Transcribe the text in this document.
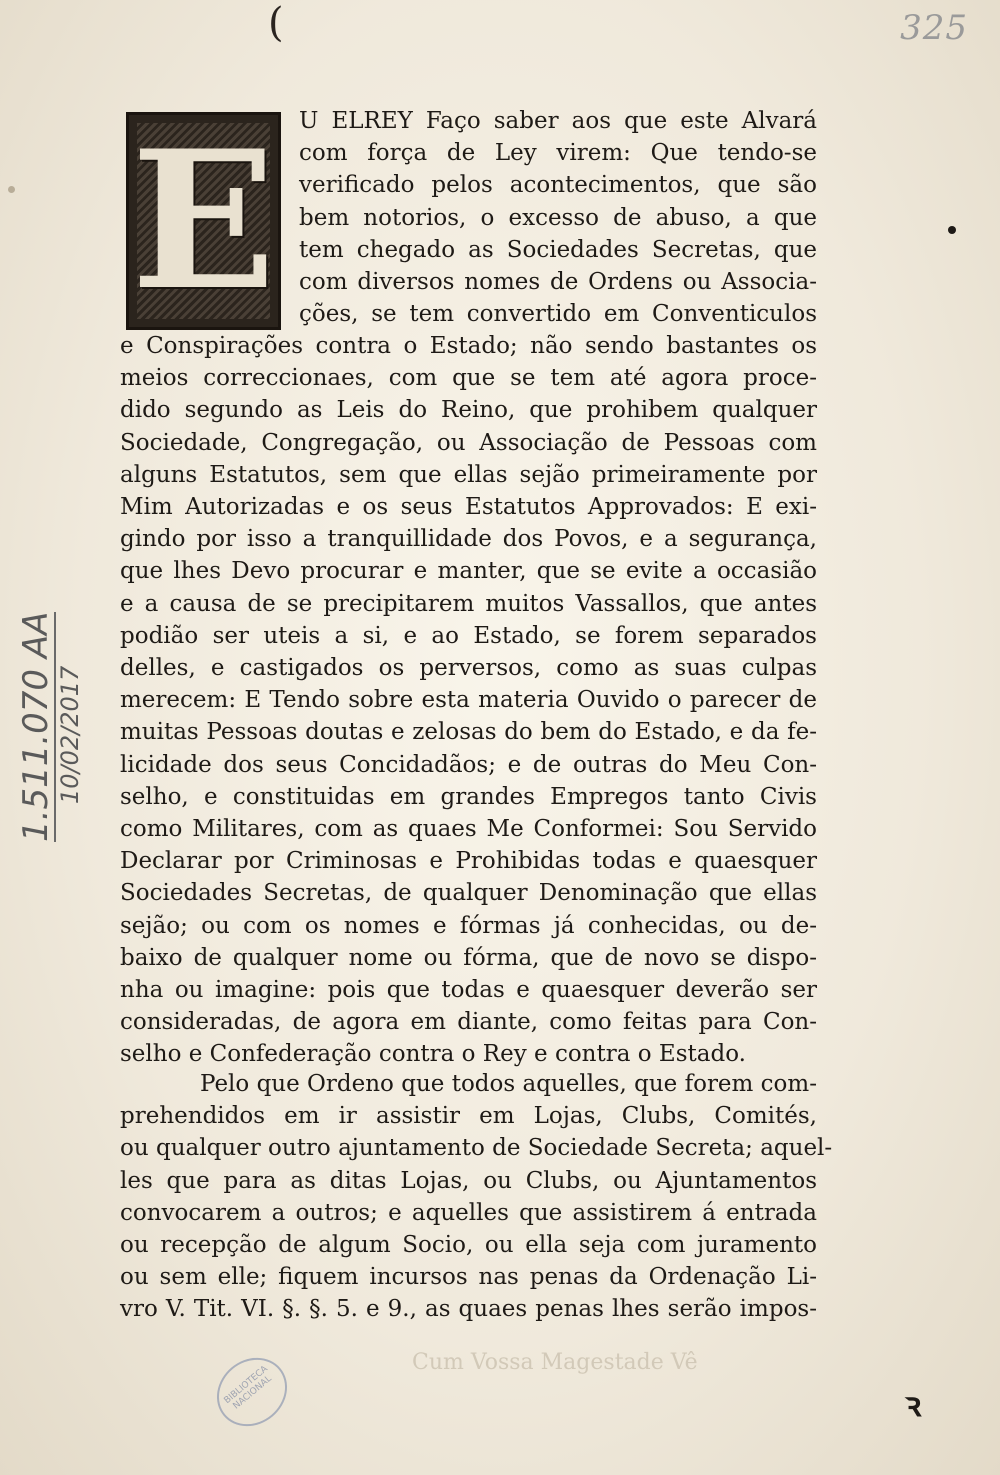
(	325
E U ELREY Faço saber aos que este Alvará
com força de Ley virem: Que tendo-se
verificado pelos acontecimentos, que são
bem notorios, o excesso de abuso, a que
tem chegado as Sociedades Secretas, que
com diversos nomes de Ordens ou Associa-
ções, se tem convertido em Conventiculos
e Conspirações contra o Estado; não sendo bastantes os
meios correccionaes, com que se tem até agora proce-
dido segundo as Leis do Reino, que prohibem qualquer
Sociedade, Congregação, ou Associação de Pessoas com
alguns Estatutos, sem que ellas sejão primeiramente por
Mim Autorizadas e os seus Estatutos Approvados: E exi-
gindo por isso a tranquillidade dos Povos, e a segurança,
que lhes Devo procurar e manter, que se evite a occasião
e a causa de se precipitarem muitos Vassallos, que antes
podião ser uteis a si, e ao Estado, se forem separados
delles, e castigados os perversos, como as suas culpas
merecem: E Tendo sobre esta materia Ouvido o parecer de
muitas Pessoas doutas e zelosas do bem do Estado, e da fe-
licidade dos seus Concidadãos; e de outras do Meu Con-
selho, e constituidas em grandes Empregos tanto Civis
como Militares, com as quaes Me Conformei: Sou Servido
Declarar por Criminosas e Prohibidas todas e quaesquer
Sociedades Secretas, de qualquer Denominação que ellas
sejão; ou com os nomes e fórmas já conhecidas, ou de-
baixo de qualquer nome ou fórma, que de novo se dispo-
nha ou imagine: pois que todas e quaesquer deverão ser
consideradas, de agora em diante, como feitas para Con-
selho e Confederação contra o Rey e contra o Estado.
Pelo que Ordeno que todos aquelles, que forem com-
prehendidos em ir assistir em Lojas, Clubs, Comités,
ou qualquer outro ajuntamento de Sociedade Secreta; aquel-
les que para as ditas Lojas, ou Clubs, ou Ajuntamentos
convocarem a outros; e aquelles que assistirem á entrada
ou recepção de algum Socio, ou ella seja com juramento
ou sem elle; fiquem incursos nas penas da Ordenação Li-
vro V. Tit. VI. §. §. 5. e 9., as quaes penas lhes serão impos-
1.511.070 AA 10/02/2017
BIBLIOTECA NACIONAL
Cum Vossa Magestade Vê
ꝛ
